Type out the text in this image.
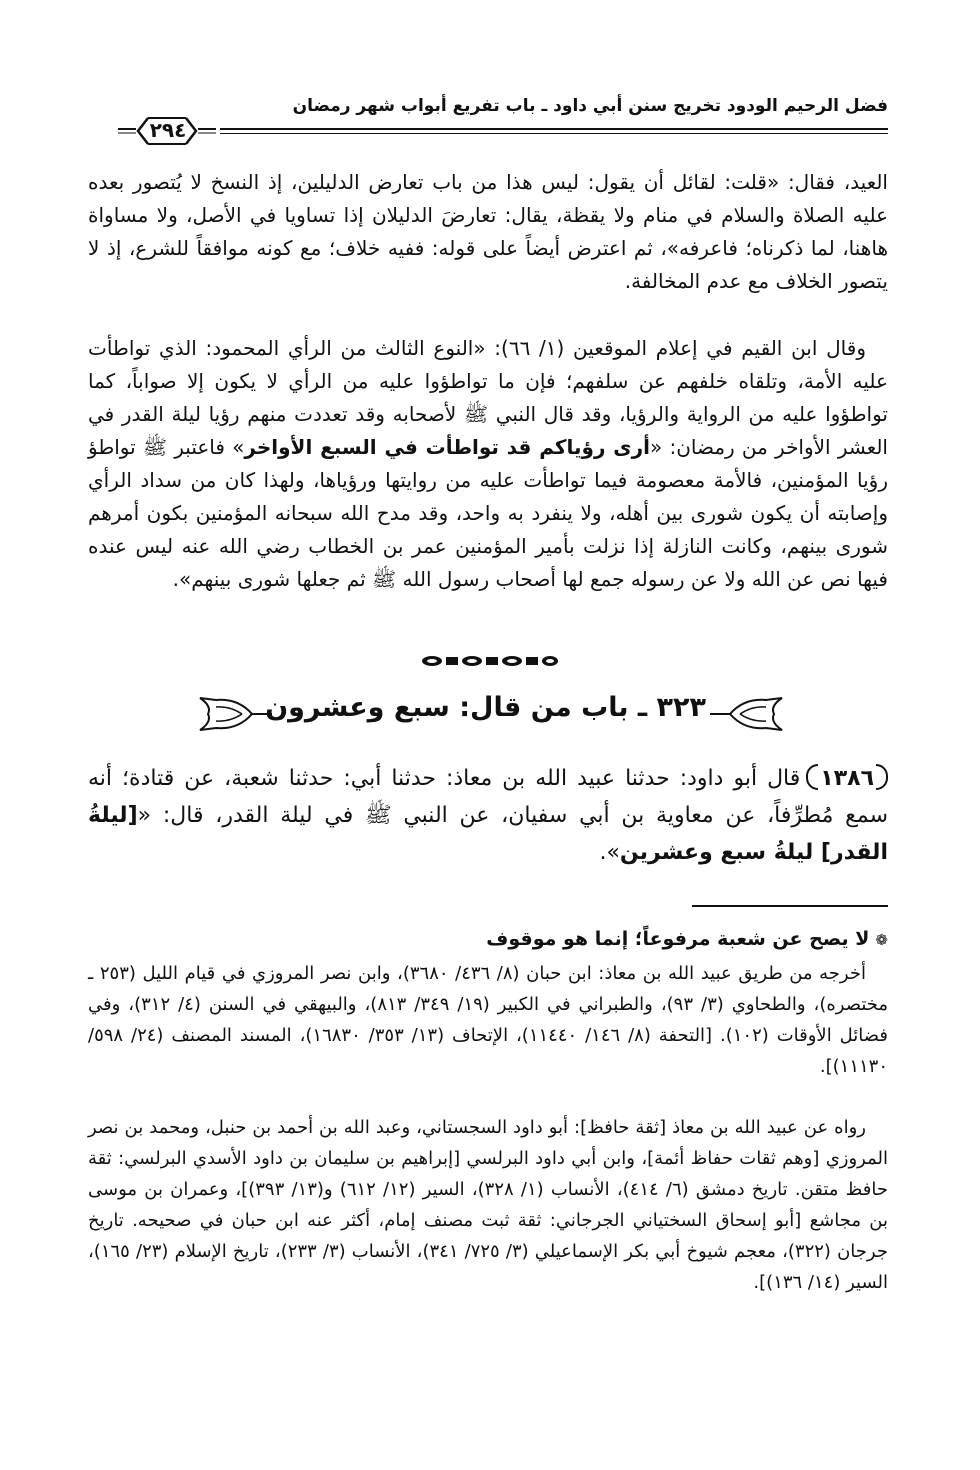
فضل الرحيم الودود تخريج سنن أبي داود ـ باب تفريع أبواب شهر رمضان
٢٩٤

العيد، فقال: «قلت: لقائل أن يقول: ليس هذا من باب تعارض الدليلين، إذ النسخ لا يُتصور بعده عليه الصلاة والسلام في منام ولا يقظة، يقال: تعارضَ الدليلان إذا تساويا في الأصل، ولا مساواة هاهنا، لما ذكرناه؛ فاعرفه»، ثم اعترض أيضاً على قوله: ففيه خلاف؛ مع كونه موافقاً للشرع، إذ لا يتصور الخلاف مع عدم المخالفة.

وقال ابن القيم في إعلام الموقعين (١/ ٦٦): «النوع الثالث من الرأي المحمود: الذي تواطأت عليه الأمة، وتلقاه خلفهم عن سلفهم؛ فإن ما تواطؤوا عليه من الرأي لا يكون إلا صواباً، كما تواطؤوا عليه من الرواية والرؤيا، وقد قال النبي ﷺ لأصحابه وقد تعددت منهم رؤيا ليلة القدر في العشر الأواخر من رمضان: «أرى رؤياكم قد تواطأت في السبع الأواخر» فاعتبر ﷺ تواطؤ رؤيا المؤمنين، فالأمة معصومة فيما تواطأت عليه من روايتها ورؤياها، ولهذا كان من سداد الرأي وإصابته أن يكون شورى بين أهله، ولا ينفرد به واحد، وقد مدح الله سبحانه المؤمنين بكون أمرهم شورى بينهم، وكانت النازلة إذا نزلت بأمير المؤمنين عمر بن الخطاب رضي الله عنه ليس عنده فيها نص عن الله ولا عن رسوله جمع لها أصحاب رسول الله ﷺ ثم جعلها شورى بينهم».

٣٢٣ ـ باب من قال: سبع وعشرون

١٣٨٦قال أبو داود: حدثنا عبيد الله بن معاذ: حدثنا أبي: حدثنا شعبة، عن قتادة؛ أنه سمع مُطرِّفاً، عن معاوية بن أبي سفيان، عن النبي ﷺ في ليلة القدر، قال: «[ليلةُ القدر] ليلةُ سبع وعشرين».

❁لا يصح عن شعبة مرفوعاً؛ إنما هو موقوف

أخرجه من طريق عبيد الله بن معاذ: ابن حبان (٨/ ٤٣٦/ ٣٦٨٠)، وابن نصر المروزي في قيام الليل (٢٥٣ ـ مختصره)، والطحاوي (٣/ ٩٣)، والطبراني في الكبير (١٩/ ٣٤٩/ ٨١٣)، والبيهقي في السنن (٤/ ٣١٢)، وفي فضائل الأوقات (١٠٢). [التحفة (٨/ ١٤٦/ ١١٤٤٠)، الإتحاف (١٣/ ٣٥٣/ ١٦٨٣٠)، المسند المصنف (٢٤/ ٥٩٨/ ١١١٣٠)].

رواه عن عبيد الله بن معاذ [ثقة حافظ]: أبو داود السجستاني، وعبد الله بن أحمد بن حنبل، ومحمد بن نصر المروزي [وهم ثقات حفاظ أئمة]، وابن أبي داود البرلسي [إبراهيم بن سليمان بن داود الأسدي البرلسي: ثقة حافظ متقن. تاريخ دمشق (٦/ ٤١٤)، الأنساب (١/ ٣٢٨)، السير (١٢/ ٦١٢) و(١٣/ ٣٩٣)]، وعمران بن موسى بن مجاشع [أبو إسحاق السختياني الجرجاني: ثقة ثبت مصنف إمام، أكثر عنه ابن حبان في صحيحه. تاريخ جرجان (٣٢٢)، معجم شيوخ أبي بكر الإسماعيلي (٣/ ٧٢٥/ ٣٤١)، الأنساب (٣/ ٢٣٣)، تاريخ الإسلام (٢٣/ ١٦٥)، السير (١٤/ ١٣٦)].
